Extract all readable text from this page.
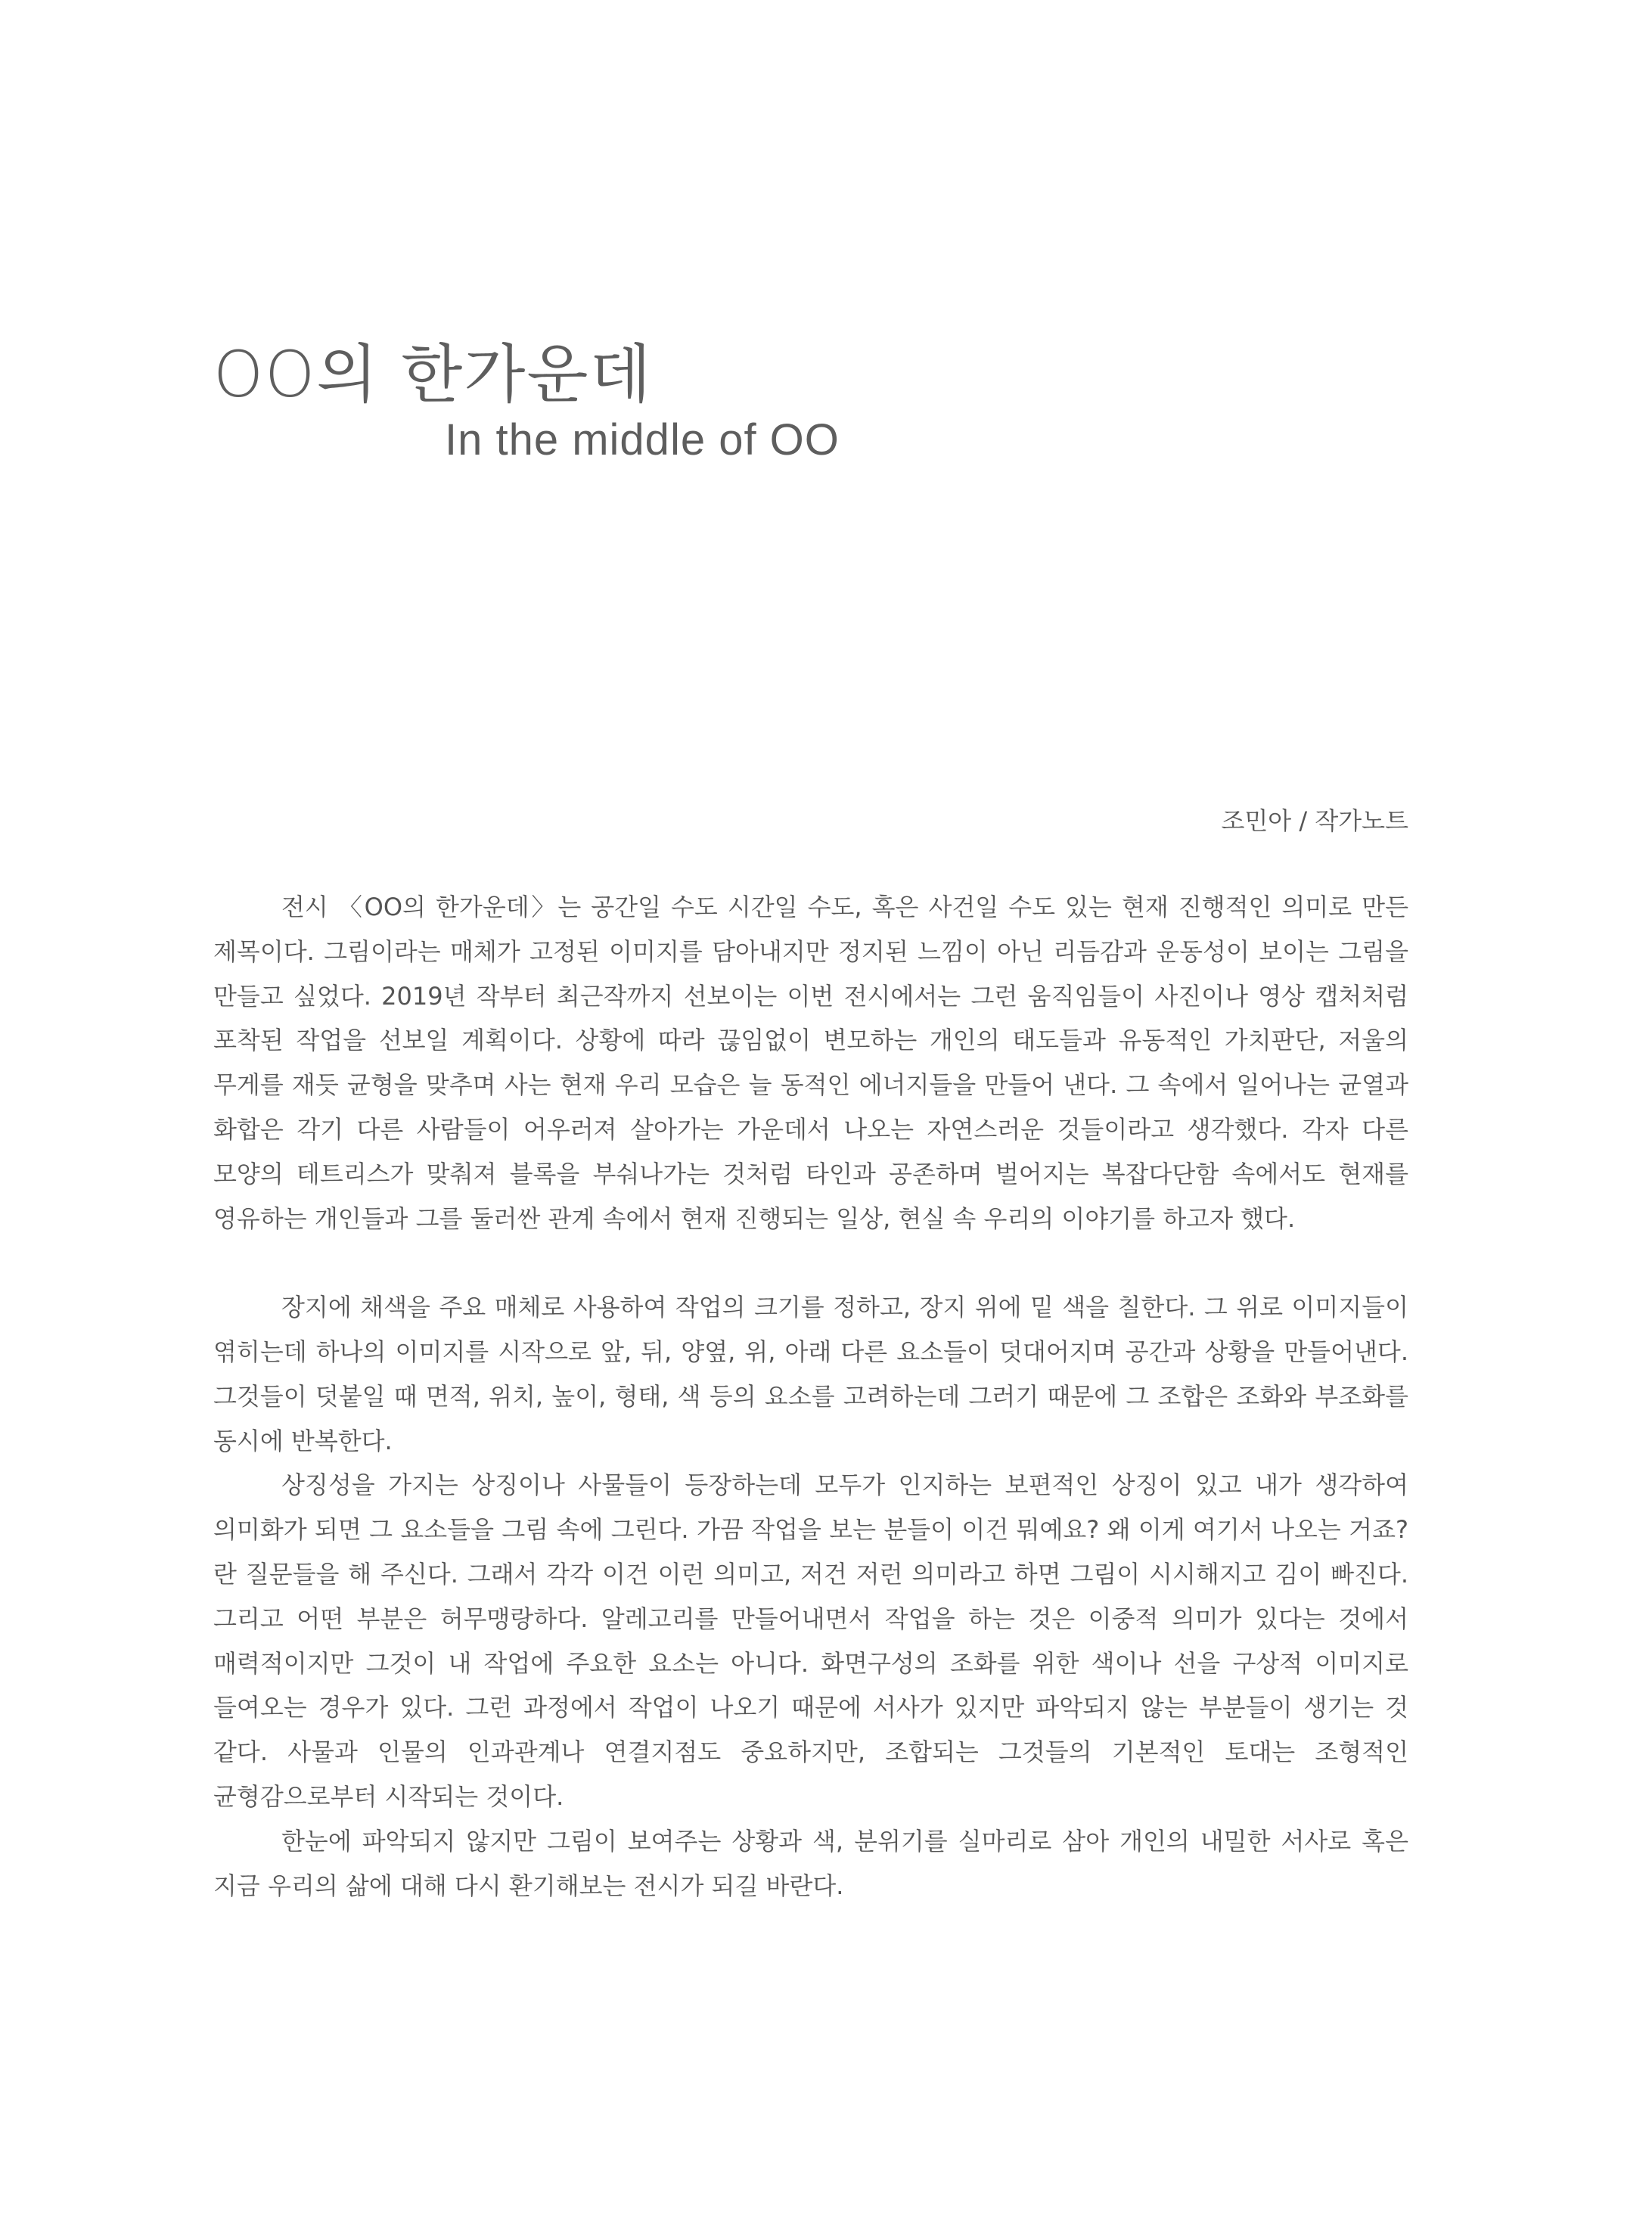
OO의 한가운데
In the middle of OO
조민아 / 작가노트

전시 〈OO의 한가운데〉는 공간일 수도 시간일 수도, 혹은 사건일 수도 있는 현재 진행적인 의미로 만든 제목이다. 그림이라는 매체가 고정된 이미지를 담아내지만 정지된 느낌이 아닌 리듬감과 운동성이 보이는 그림을 만들고 싶었다. 2019년 작부터 최근작까지 선보이는 이번 전시에서는 그런 움직임들이 사진이나 영상 캡처처럼 포착된 작업을 선보일 계획이다. 상황에 따라 끊임없이 변모하는 개인의 태도들과 유동적인 가치판단, 저울의 무게를 재듯 균형을 맞추며 사는 현재 우리 모습은 늘 동적인 에너지들을 만들어 낸다. 그 속에서 일어나는 균열과 화합은 각기 다른 사람들이 어우러져 살아가는 가운데서 나오는 자연스러운 것들이라고 생각했다. 각자 다른 모양의 테트리스가 맞춰져 블록을 부숴나가는 것처럼 타인과 공존하며 벌어지는 복잡다단함 속에서도 현재를 영유하는 개인들과 그를 둘러싼 관계 속에서 현재 진행되는 일상, 현실 속 우리의 이야기를 하고자 했다.

장지에 채색을 주요 매체로 사용하여 작업의 크기를 정하고, 장지 위에 밑 색을 칠한다. 그 위로 이미지들이 엮히는데 하나의 이미지를 시작으로 앞, 뒤, 양옆, 위, 아래 다른 요소들이 덧대어지며 공간과 상황을 만들어낸다. 그것들이 덧붙일 때 면적, 위치, 높이, 형태, 색 등의 요소를 고려하는데 그러기 때문에 그 조합은 조화와 부조화를 동시에 반복한다.

상징성을 가지는 상징이나 사물들이 등장하는데 모두가 인지하는 보편적인 상징이 있고 내가 생각하여 의미화가 되면 그 요소들을 그림 속에 그린다. 가끔 작업을 보는 분들이 이건 뭐예요? 왜 이게 여기서 나오는 거죠? 란 질문들을 해 주신다. 그래서 각각 이건 이런 의미고, 저건 저런 의미라고 하면 그림이 시시해지고 김이 빠진다. 그리고 어떤 부분은 허무맹랑하다. 알레고리를 만들어내면서 작업을 하는 것은 이중적 의미가 있다는 것에서 매력적이지만 그것이 내 작업에 주요한 요소는 아니다. 화면구성의 조화를 위한 색이나 선을 구상적 이미지로 들여오는 경우가 있다. 그런 과정에서 작업이 나오기 때문에 서사가 있지만 파악되지 않는 부분들이 생기는 것 같다. 사물과 인물의 인과관계나 연결지점도 중요하지만, 조합되는 그것들의 기본적인 토대는 조형적인 균형감으로부터 시작되는 것이다.

한눈에 파악되지 않지만 그림이 보여주는 상황과 색, 분위기를 실마리로 삼아 개인의 내밀한 서사로 혹은 지금 우리의 삶에 대해 다시 환기해보는 전시가 되길 바란다.
